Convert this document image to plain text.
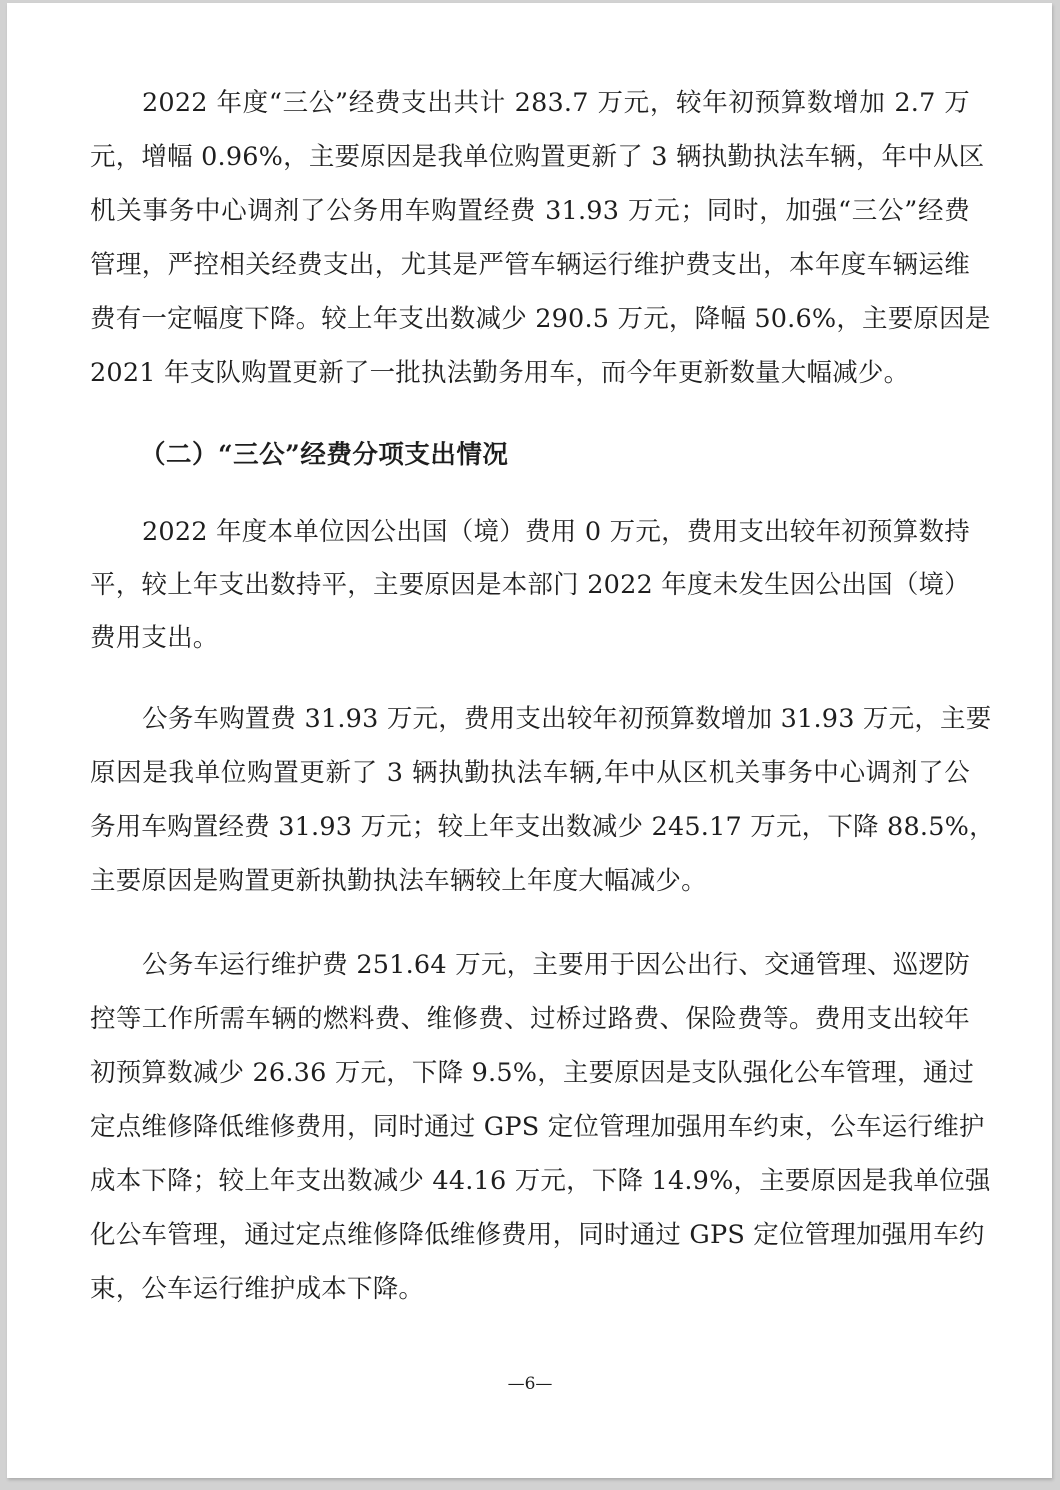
2022 年度“三公”经费支出共计 283.7 万元，较年初预算数增加 2.7 万
元，增幅 0.96%，主要原因是我单位购置更新了 3 辆执勤执法车辆，年中从区
机关事务中心调剂了公务用车购置经费 31.93 万元；同时，加强“三公”经费
管理，严控相关经费支出，尤其是严管车辆运行维护费支出，本年度车辆运维
费有一定幅度下降。较上年支出数减少 290.5 万元，降幅 50.6%，主要原因是
2021 年支队购置更新了一批执法勤务用车，而今年更新数量大幅减少。
（二）“三公”经费分项支出情况
2022 年度本单位因公出国（境）费用 0 万元，费用支出较年初预算数持
平，较上年支出数持平，主要原因是本部门 2022 年度未发生因公出国（境）
费用支出。
公务车购置费 31.93 万元，费用支出较年初预算数增加 31.93 万元，主要
原因是我单位购置更新了 3 辆执勤执法车辆,年中从区机关事务中心调剂了公
务用车购置经费 31.93 万元；较上年支出数减少 245.17 万元，下降 88.5%，
主要原因是购置更新执勤执法车辆较上年度大幅减少。
公务车运行维护费 251.64 万元，主要用于因公出行、交通管理、巡逻防
控等工作所需车辆的燃料费、维修费、过桥过路费、保险费等。费用支出较年
初预算数减少 26.36 万元，下降 9.5%，主要原因是支队强化公车管理，通过
定点维修降低维修费用，同时通过 GPS 定位管理加强用车约束，公车运行维护
成本下降；较上年支出数减少 44.16 万元，下降 14.9%，主要原因是我单位强
化公车管理，通过定点维修降低维修费用，同时通过 GPS 定位管理加强用车约
束，公车运行维护成本下降。
—6—
